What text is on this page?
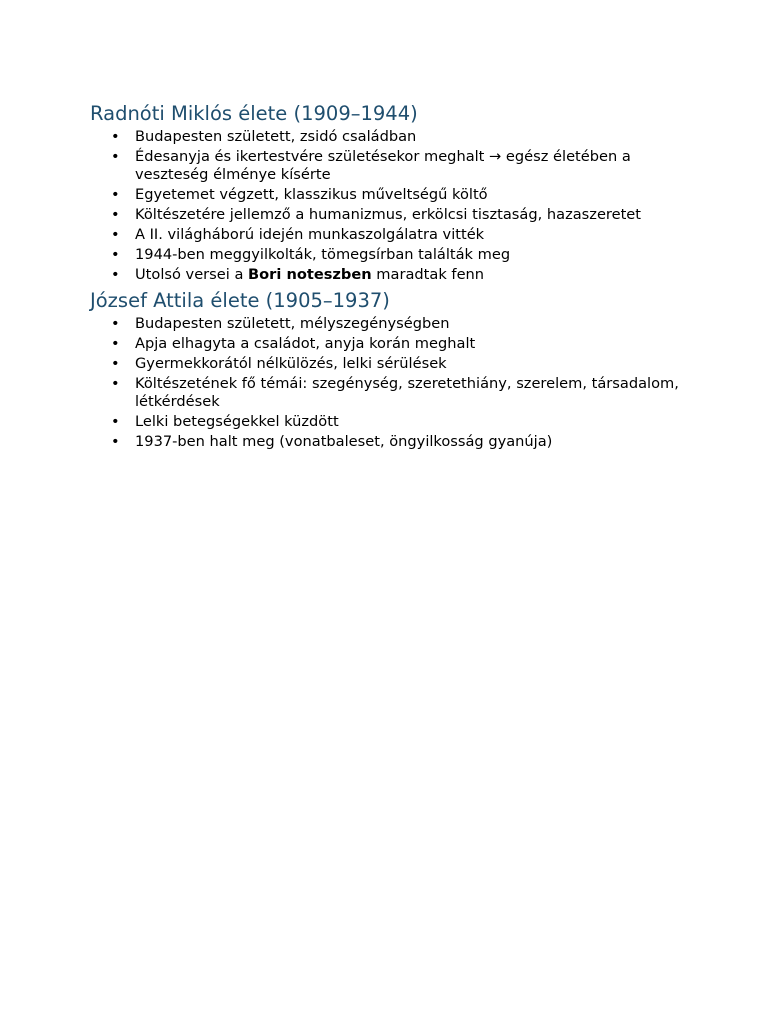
Radnóti Miklós élete (1909–1944)
• Budapesten született, zsidó családban
• Édesanyja és ikertestvére születésekor meghalt → egész életében a veszteség élménye kísérte
• Egyetemet végzett, klasszikus műveltségű költő
• Költészetére jellemző a humanizmus, erkölcsi tisztaság, hazaszeretet
• A II. világháború idején munkaszolgálatra vitték
• 1944-ben meggyilkolták, tömegsírban találták meg
• Utolsó versei a Bori noteszben maradtak fenn
József Attila élete (1905–1937)
• Budapesten született, mélyszegénységben
• Apja elhagyta a családot, anyja korán meghalt
• Gyermekkorától nélkülözés, lelki sérülések
• Költészetének fő témái: szegénység, szeretethiány, szerelem, társadalom, létkérdések
• Lelki betegségekkel küzdött
• 1937-ben halt meg (vonatbaleset, öngyilkosság gyanúja)
